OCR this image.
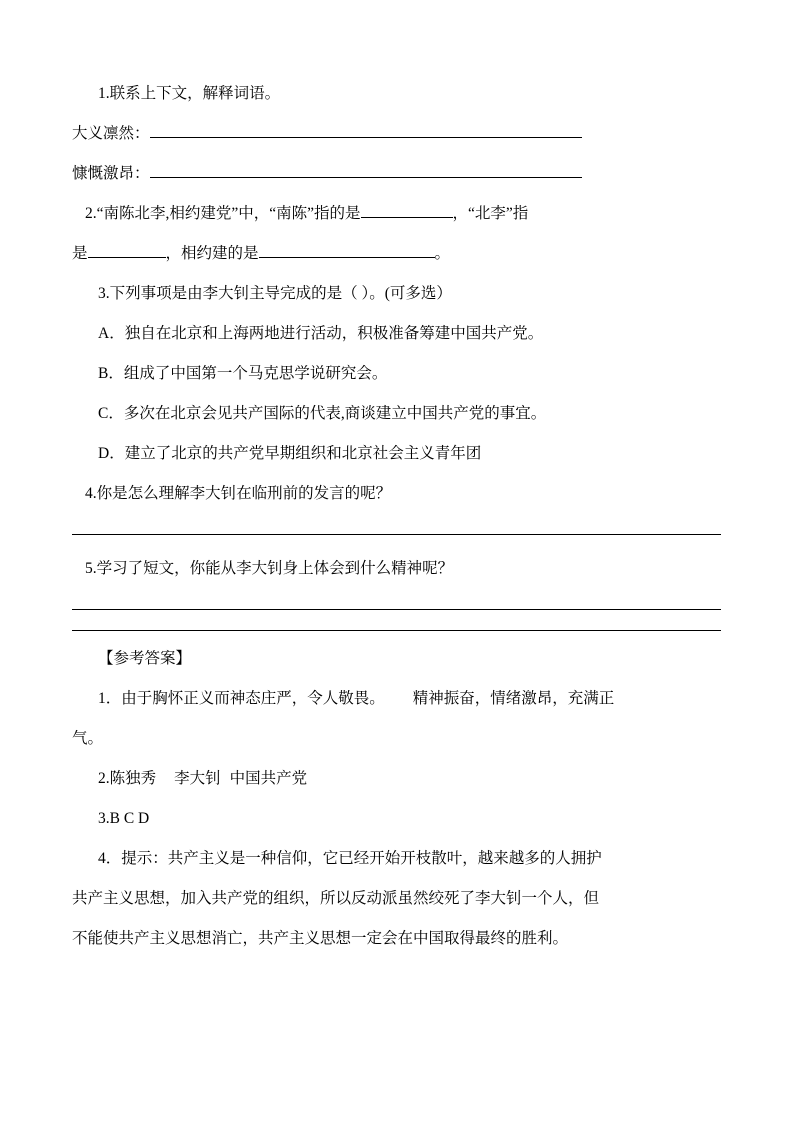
1.联系上下文，解释词语。
大义凛然：
慷慨激昂：
2.“南陈北李,相约建党”中，“南陈”指的是	，“北李”指
是	，相约建的是	。
3.下列事项是由李大钊主导完成的是（ ）。(可多选）
A．独自在北京和上海两地进行活动，积极准备筹建中国共产党。
B．组成了中国第一个马克思学说研究会。
C．多次在北京会见共产国际的代表,商谈建立中国共产党的事宜。
D．建立了北京的共产党早期组织和北京社会主义青年团
4.你是怎么理解李大钊在临刑前的发言的呢？
5.学习了短文，你能从李大钊身上体会到什么精神呢？
【参考答案】
1．由于胸怀正义而神态庄严，令人敬畏。 精神振奋，情绪激昂，充满正
气。
2.陈独秀 李大钊 中国共产党
3.B C D
4．提示：共产主义是一种信仰，它已经开始开枝散叶，越来越多的人拥护
共产主义思想，加入共产党的组织，所以反动派虽然绞死了李大钊一个人，但
不能使共产主义思想消亡，共产主义思想一定会在中国取得最终的胜利。
